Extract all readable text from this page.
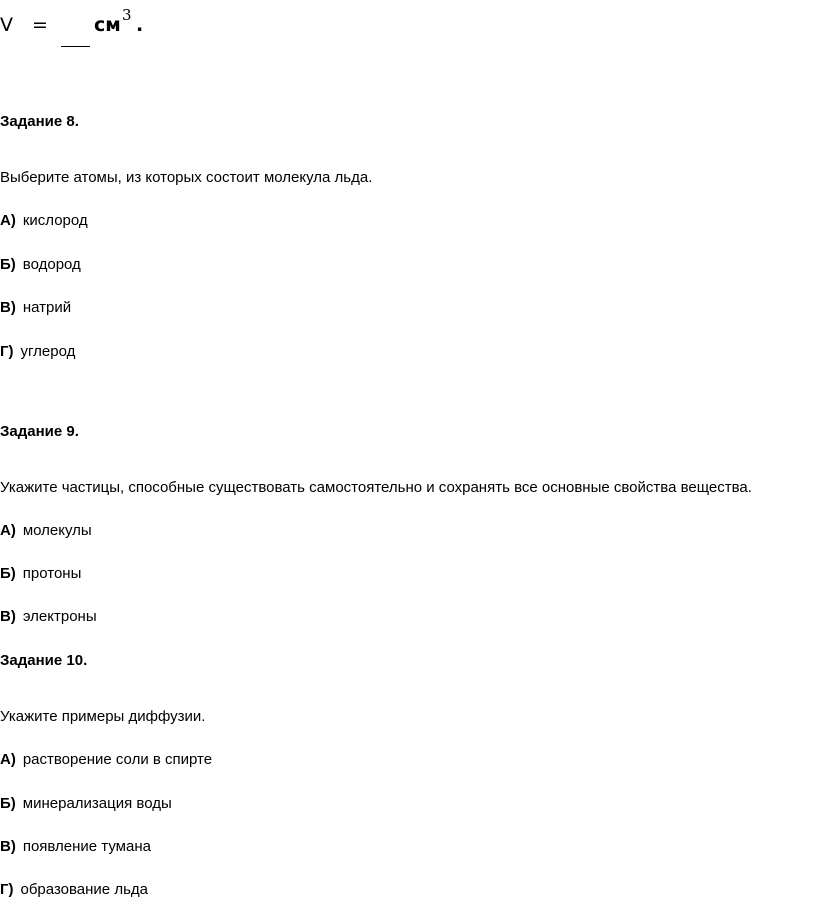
V = см 3 .
Задание 8.
Выберите атомы, из которых состоит молекула льда.
А) кислород
Б) водород
В) натрий
Г) углерод
Задание 9.
Укажите частицы, способные существовать самостоятельно и сохранять все основные свойства вещества.
А) молекулы
Б) протоны
В) электроны
Задание 10.
Укажите примеры диффузии.
А) растворение соли в спирте
Б) минерализация воды
В) появление тумана
Г) образование льда
